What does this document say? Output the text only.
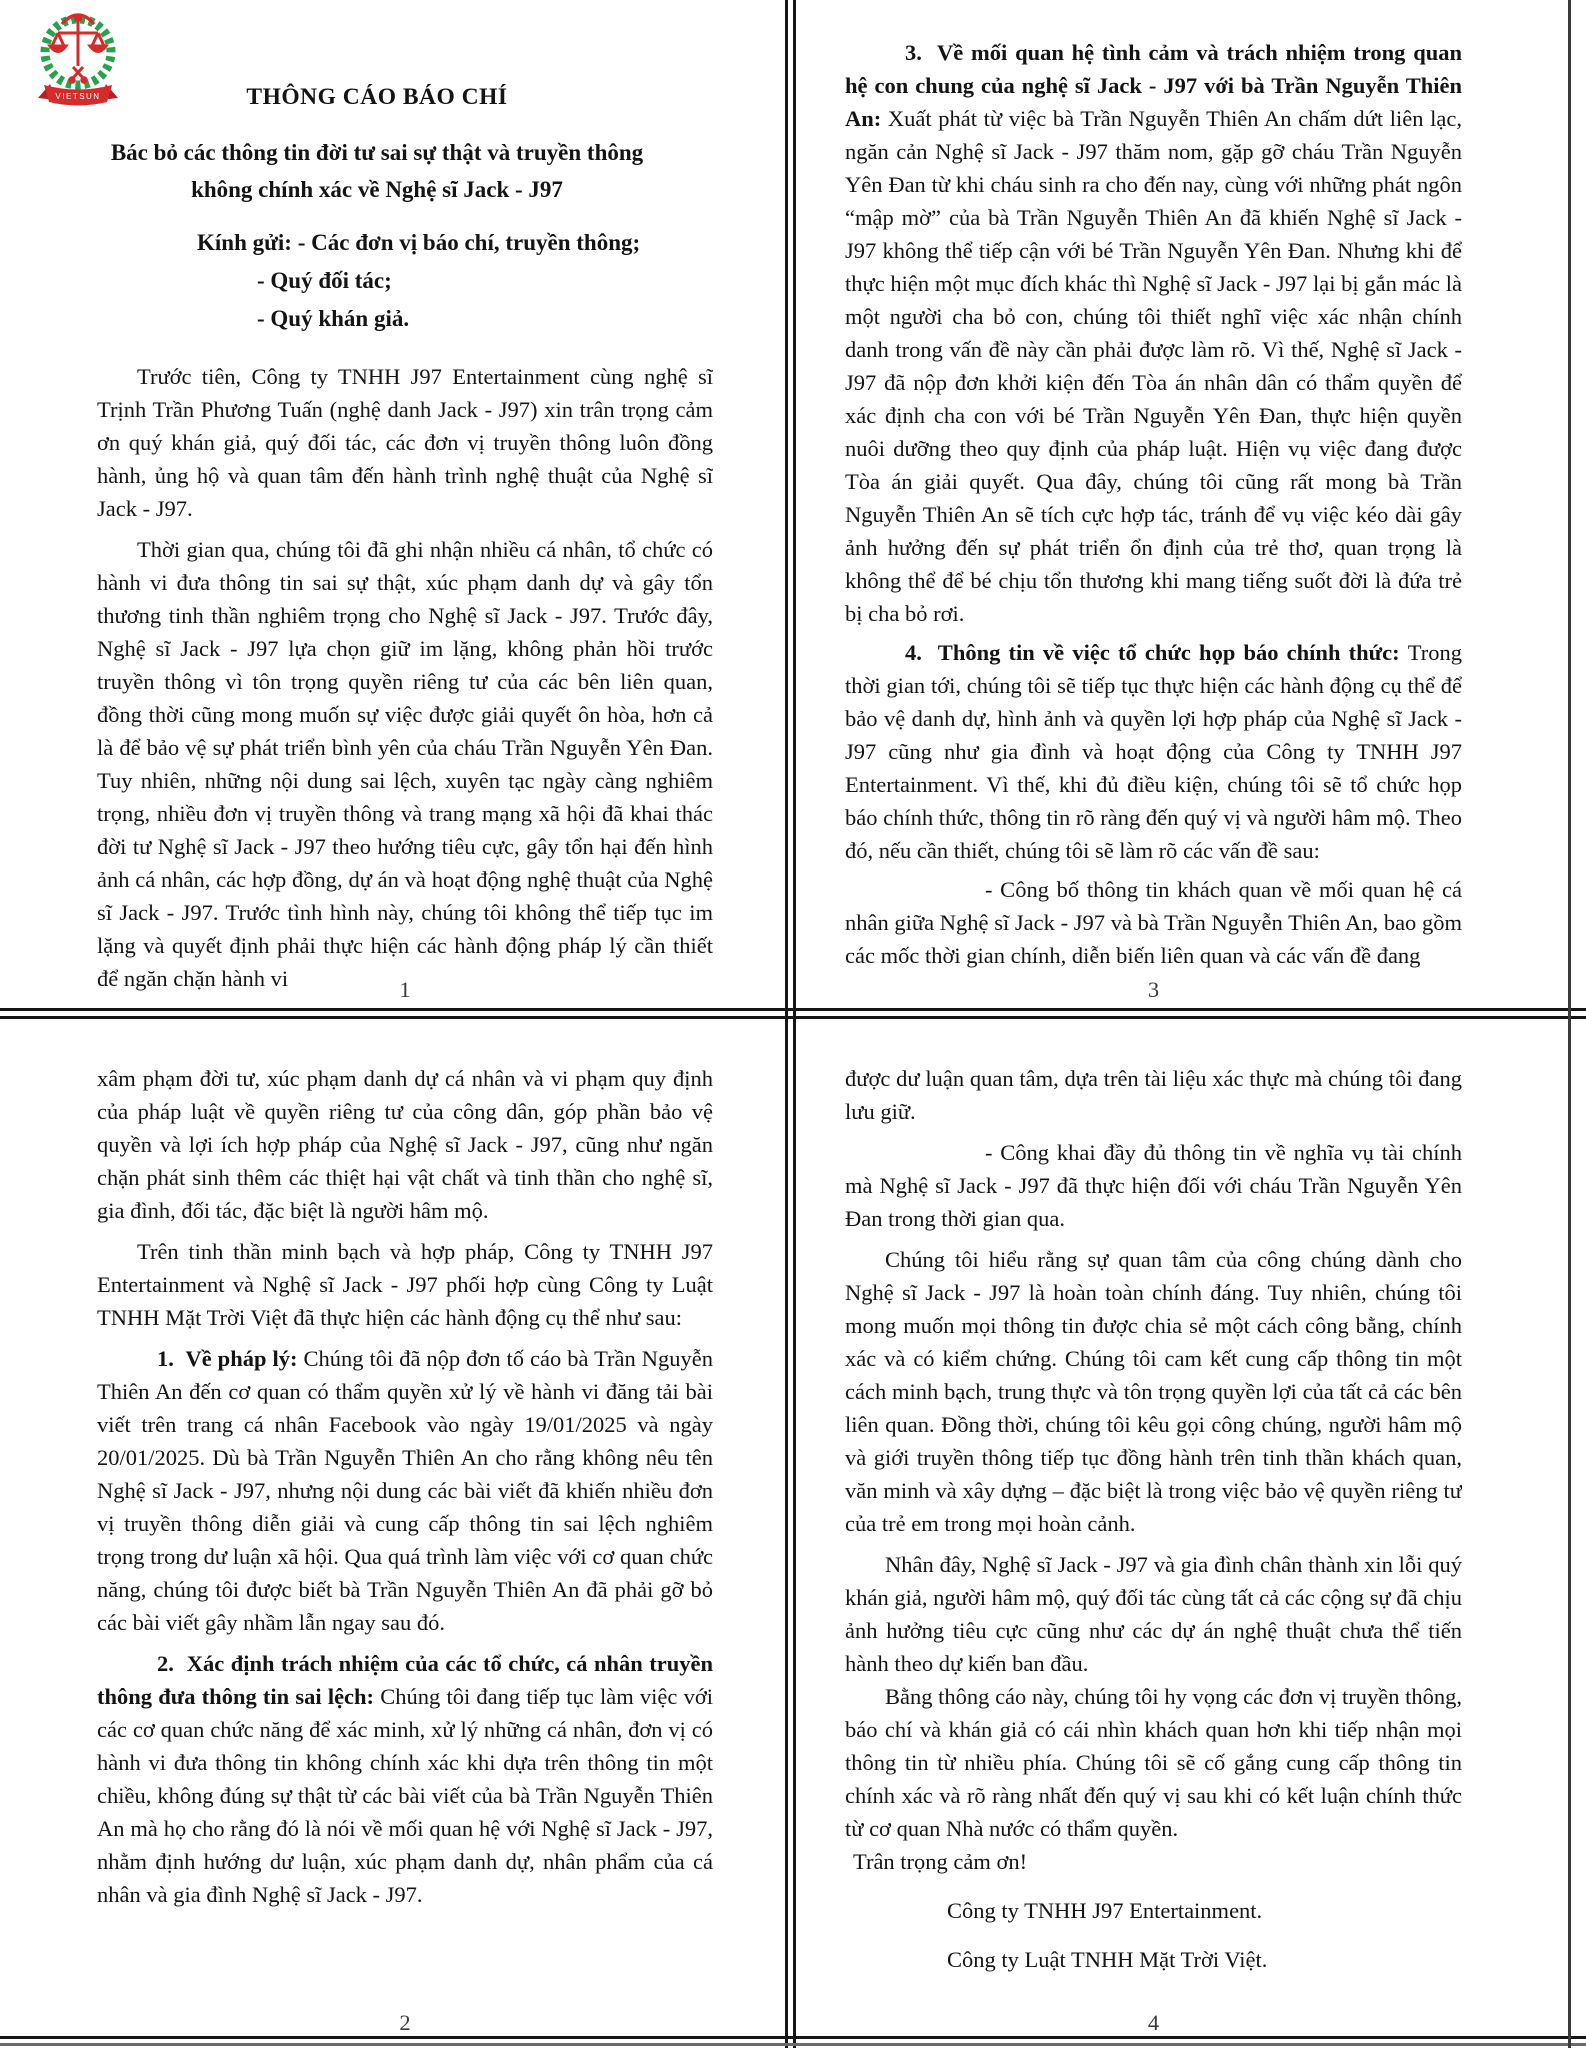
VIETSUN	THÔNG CÁO BÁO CHÍ
Bác bỏ các thông tin đời tư sai sự thật và truyền thông
không chính xác về Nghệ sĩ Jack - J97
Kính gửi: - Các đơn vị báo chí, truyền thông;
- Quý đối tác;
- Quý khán giả.

Trước tiên, Công ty TNHH J97 Entertainment cùng nghệ sĩ Trịnh Trần Phương Tuấn (nghệ danh Jack - J97) xin trân trọng cảm ơn quý khán giả, quý đối tác, các đơn vị truyền thông luôn đồng hành, ủng hộ và quan tâm đến hành trình nghệ thuật của Nghệ sĩ Jack - J97.

Thời gian qua, chúng tôi đã ghi nhận nhiều cá nhân, tổ chức có hành vi đưa thông tin sai sự thật, xúc phạm danh dự và gây tổn thương tinh thần nghiêm trọng cho Nghệ sĩ Jack - J97. Trước đây, Nghệ sĩ Jack - J97 lựa chọn giữ im lặng, không phản hồi trước truyền thông vì tôn trọng quyền riêng tư của các bên liên quan, đồng thời cũng mong muốn sự việc được giải quyết ôn hòa, hơn cả là để bảo vệ sự phát triển bình yên của cháu Trần Nguyễn Yên Đan. Tuy nhiên, những nội dung sai lệch, xuyên tạc ngày càng nghiêm trọng, nhiều đơn vị truyền thông và trang mạng xã hội đã khai thác đời tư Nghệ sĩ Jack - J97 theo hướng tiêu cực, gây tổn hại đến hình ảnh cá nhân, các hợp đồng, dự án và hoạt động nghệ thuật của Nghệ sĩ Jack - J97. Trước tình hình này, chúng tôi không thể tiếp tục im lặng và quyết định phải thực hiện các hành động pháp lý cần thiết để ngăn chặn hành vi	1

xâm phạm đời tư, xúc phạm danh dự cá nhân và vi phạm quy định của pháp luật về quyền riêng tư của công dân, góp phần bảo vệ quyền và lợi ích hợp pháp của Nghệ sĩ Jack - J97, cũng như ngăn chặn phát sinh thêm các thiệt hại vật chất và tinh thần cho nghệ sĩ, gia đình, đối tác, đặc biệt là người hâm mộ.

Trên tinh thần minh bạch và hợp pháp, Công ty TNHH J97 Entertainment và Nghệ sĩ Jack - J97 phối hợp cùng Công ty Luật TNHH Mặt Trời Việt đã thực hiện các hành động cụ thể như sau:

1.  Về pháp lý: Chúng tôi đã nộp đơn tố cáo bà Trần Nguyễn Thiên An đến cơ quan có thẩm quyền xử lý về hành vi đăng tải bài viết trên trang cá nhân Facebook vào ngày 19/01/2025 và ngày 20/01/2025. Dù bà Trần Nguyễn Thiên An cho rằng không nêu tên Nghệ sĩ Jack - J97, nhưng nội dung các bài viết đã khiến nhiều đơn vị truyền thông diễn giải và cung cấp thông tin sai lệch nghiêm trọng trong dư luận xã hội. Qua quá trình làm việc với cơ quan chức năng, chúng tôi được biết bà Trần Nguyễn Thiên An đã phải gỡ bỏ các bài viết gây nhầm lẫn ngay sau đó.

2.  Xác định trách nhiệm của các tổ chức, cá nhân truyền thông đưa thông tin sai lệch: Chúng tôi đang tiếp tục làm việc với các cơ quan chức năng để xác minh, xử lý những cá nhân, đơn vị có hành vi đưa thông tin không chính xác khi dựa trên thông tin một chiều, không đúng sự thật từ các bài viết của bà Trần Nguyễn Thiên An mà họ cho rằng đó là nói về mối quan hệ với Nghệ sĩ Jack - J97, nhằm định hướng dư luận, xúc phạm danh dự, nhân phẩm của cá nhân và gia đình Nghệ sĩ Jack - J97.

2

3.  Về mối quan hệ tình cảm và trách nhiệm trong quan hệ con chung của nghệ sĩ Jack - J97 với bà Trần Nguyễn Thiên An: Xuất phát từ việc bà Trần Nguyễn Thiên An chấm dứt liên lạc, ngăn cản Nghệ sĩ Jack - J97 thăm nom, gặp gỡ cháu Trần Nguyễn Yên Đan từ khi cháu sinh ra cho đến nay, cùng với những phát ngôn “mập mờ” của bà Trần Nguyễn Thiên An đã khiến Nghệ sĩ Jack - J97 không thể tiếp cận với bé Trần Nguyễn Yên Đan. Nhưng khi để thực hiện một mục đích khác thì Nghệ sĩ Jack - J97 lại bị gắn mác là một người cha bỏ con, chúng tôi thiết nghĩ việc xác nhận chính danh trong vấn đề này cần phải được làm rõ. Vì thế, Nghệ sĩ Jack - J97 đã nộp đơn khởi kiện đến Tòa án nhân dân có thẩm quyền để xác định cha con với bé Trần Nguyễn Yên Đan, thực hiện quyền nuôi dưỡng theo quy định của pháp luật. Hiện vụ việc đang được Tòa án giải quyết. Qua đây, chúng tôi cũng rất mong bà Trần Nguyễn Thiên An sẽ tích cực hợp tác, tránh để vụ việc kéo dài gây ảnh hưởng đến sự phát triển ổn định của trẻ thơ, quan trọng là không thể để bé chịu tổn thương khi mang tiếng suốt đời là đứa trẻ bị cha bỏ rơi.

4.  Thông tin về việc tổ chức họp báo chính thức: Trong thời gian tới, chúng tôi sẽ tiếp tục thực hiện các hành động cụ thể để bảo vệ danh dự, hình ảnh và quyền lợi hợp pháp của Nghệ sĩ Jack - J97 cũng như gia đình và hoạt động của Công ty TNHH J97 Entertainment. Vì thế, khi đủ điều kiện, chúng tôi sẽ tổ chức họp báo chính thức, thông tin rõ ràng đến quý vị và người hâm mộ. Theo đó, nếu cần thiết, chúng tôi sẽ làm rõ các vấn đề sau:

- Công bố thông tin khách quan về mối quan hệ cá nhân giữa Nghệ sĩ Jack - J97 và bà Trần Nguyễn Thiên An, bao gồm các mốc thời gian chính, diễn biến liên quan và các vấn đề đang

3

được dư luận quan tâm, dựa trên tài liệu xác thực mà chúng tôi đang lưu giữ.

- Công khai đầy đủ thông tin về nghĩa vụ tài chính mà Nghệ sĩ Jack - J97 đã thực hiện đối với cháu Trần Nguyễn Yên Đan trong thời gian qua.

Chúng tôi hiểu rằng sự quan tâm của công chúng dành cho Nghệ sĩ Jack - J97 là hoàn toàn chính đáng. Tuy nhiên, chúng tôi mong muốn mọi thông tin được chia sẻ một cách công bằng, chính xác và có kiểm chứng. Chúng tôi cam kết cung cấp thông tin một cách minh bạch, trung thực và tôn trọng quyền lợi của tất cả các bên liên quan. Đồng thời, chúng tôi kêu gọi công chúng, người hâm mộ và giới truyền thông tiếp tục đồng hành trên tinh thần khách quan, văn minh và xây dựng – đặc biệt là trong việc bảo vệ quyền riêng tư của trẻ em trong mọi hoàn cảnh.

Nhân đây, Nghệ sĩ Jack - J97 và gia đình chân thành xin lỗi quý khán giả, người hâm mộ, quý đối tác cùng tất cả các cộng sự đã chịu ảnh hưởng tiêu cực cũng như các dự án nghệ thuật chưa thể tiến hành theo dự kiến ban đầu.

Bằng thông cáo này, chúng tôi hy vọng các đơn vị truyền thông, báo chí và khán giả có cái nhìn khách quan hơn khi tiếp nhận mọi thông tin từ nhiều phía. Chúng tôi sẽ cố gắng cung cấp thông tin chính xác và rõ ràng nhất đến quý vị sau khi có kết luận chính thức từ cơ quan Nhà nước có thẩm quyền.

Trân trọng cảm ơn!

Công ty TNHH J97 Entertainment.

Công ty Luật TNHH Mặt Trời Việt.

4
